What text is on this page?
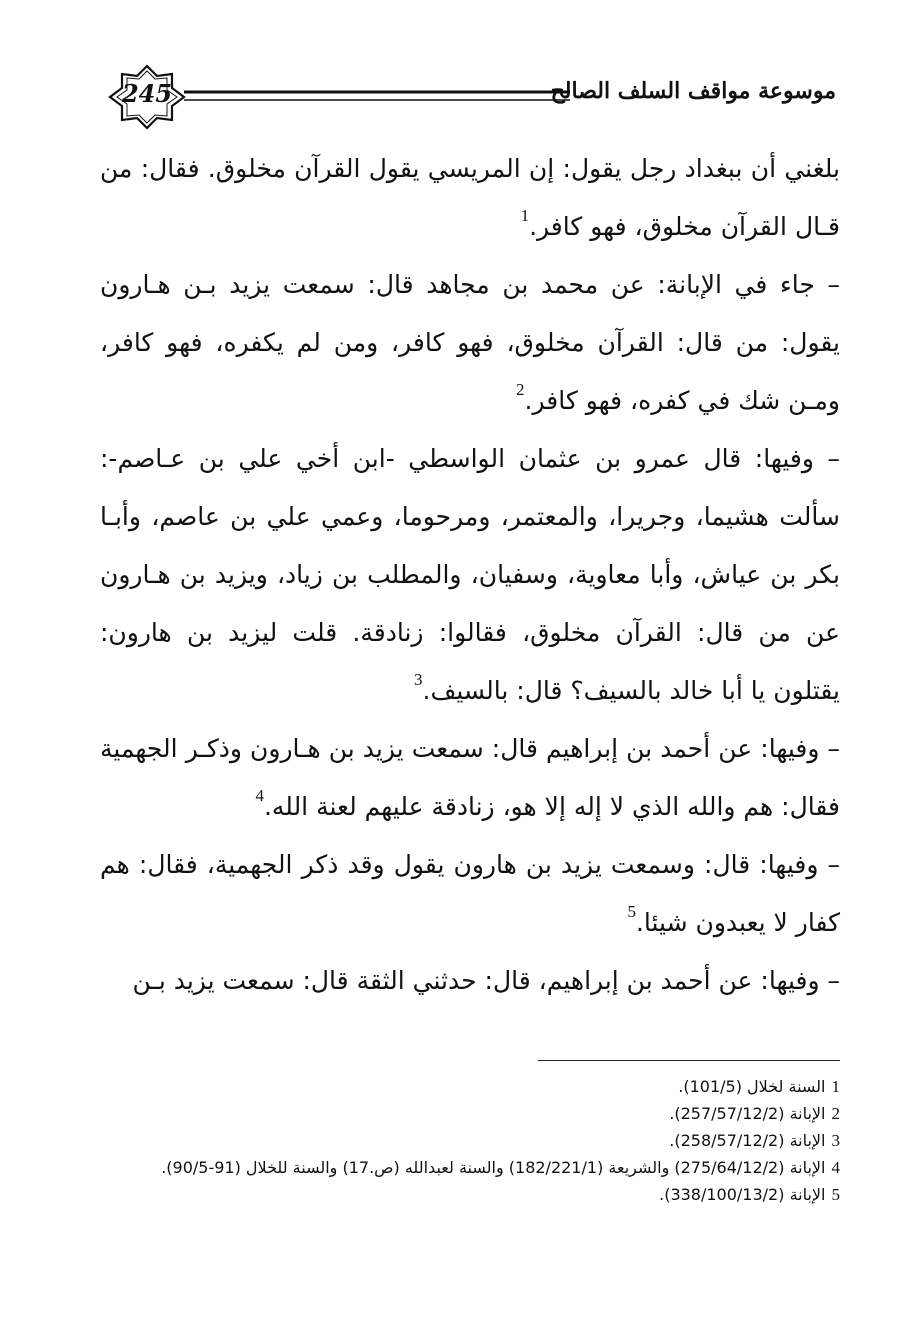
245	موسوعة مواقف السلف الصالح

بلغني أن ببغداد رجل يقول: إن المريسي يقول القرآن مخلوق. فقال: من قـال القرآن مخلوق، فهو كافر.$^1$

– جاء في الإبانة: عن محمد بن مجاهد قال: سمعت يزيد بـن هـارون يقول: من قال: القرآن مخلوق، فهو كافر، ومن لم يكفره، فهو كافر، ومـن شك في كفره، فهو كافر.$^2$

– وفيها: قال عمرو بن عثمان الواسطي -ابن أخي علي بن عـاصم-: سألت هشيما، وجريرا، والمعتمر، ومرحوما، وعمي علي بن عاصم، وأبـا بكر بن عياش، وأبا معاوية، وسفيان، والمطلب بن زياد، ويزيد بن هـارون عن من قال: القرآن مخلوق، فقالوا: زنادقة. قلت ليزيد بن هارون: يقتلون يا أبا خالد بالسيف؟ قال: بالسيف.$^3$

– وفيها: عن أحمد بن إبراهيم قال: سمعت يزيد بن هـارون وذكـر الجهمية فقال: هم والله الذي لا إله إلا هو، زنادقة عليهم لعنة الله.$^4$

– وفيها: قال: وسمعت يزيد بن هارون يقول وقد ذكر الجهمية، فقال: هم كفار لا يعبدون شيئا.$^5$

– وفيها: عن أحمد بن إبراهيم، قال: حدثني الثقة قال: سمعت يزيد بـن

1السنة لخلال (101/5).
2الإبانة (257/57/12/2).
3الإبانة (258/57/12/2).
4الإبانة (275/64/12/2) والشريعة (182/221/1) والسنة لعبدالله (ص.17) والسنة للخلال (91-90/5).
5الإبانة (338/100/13/2).
